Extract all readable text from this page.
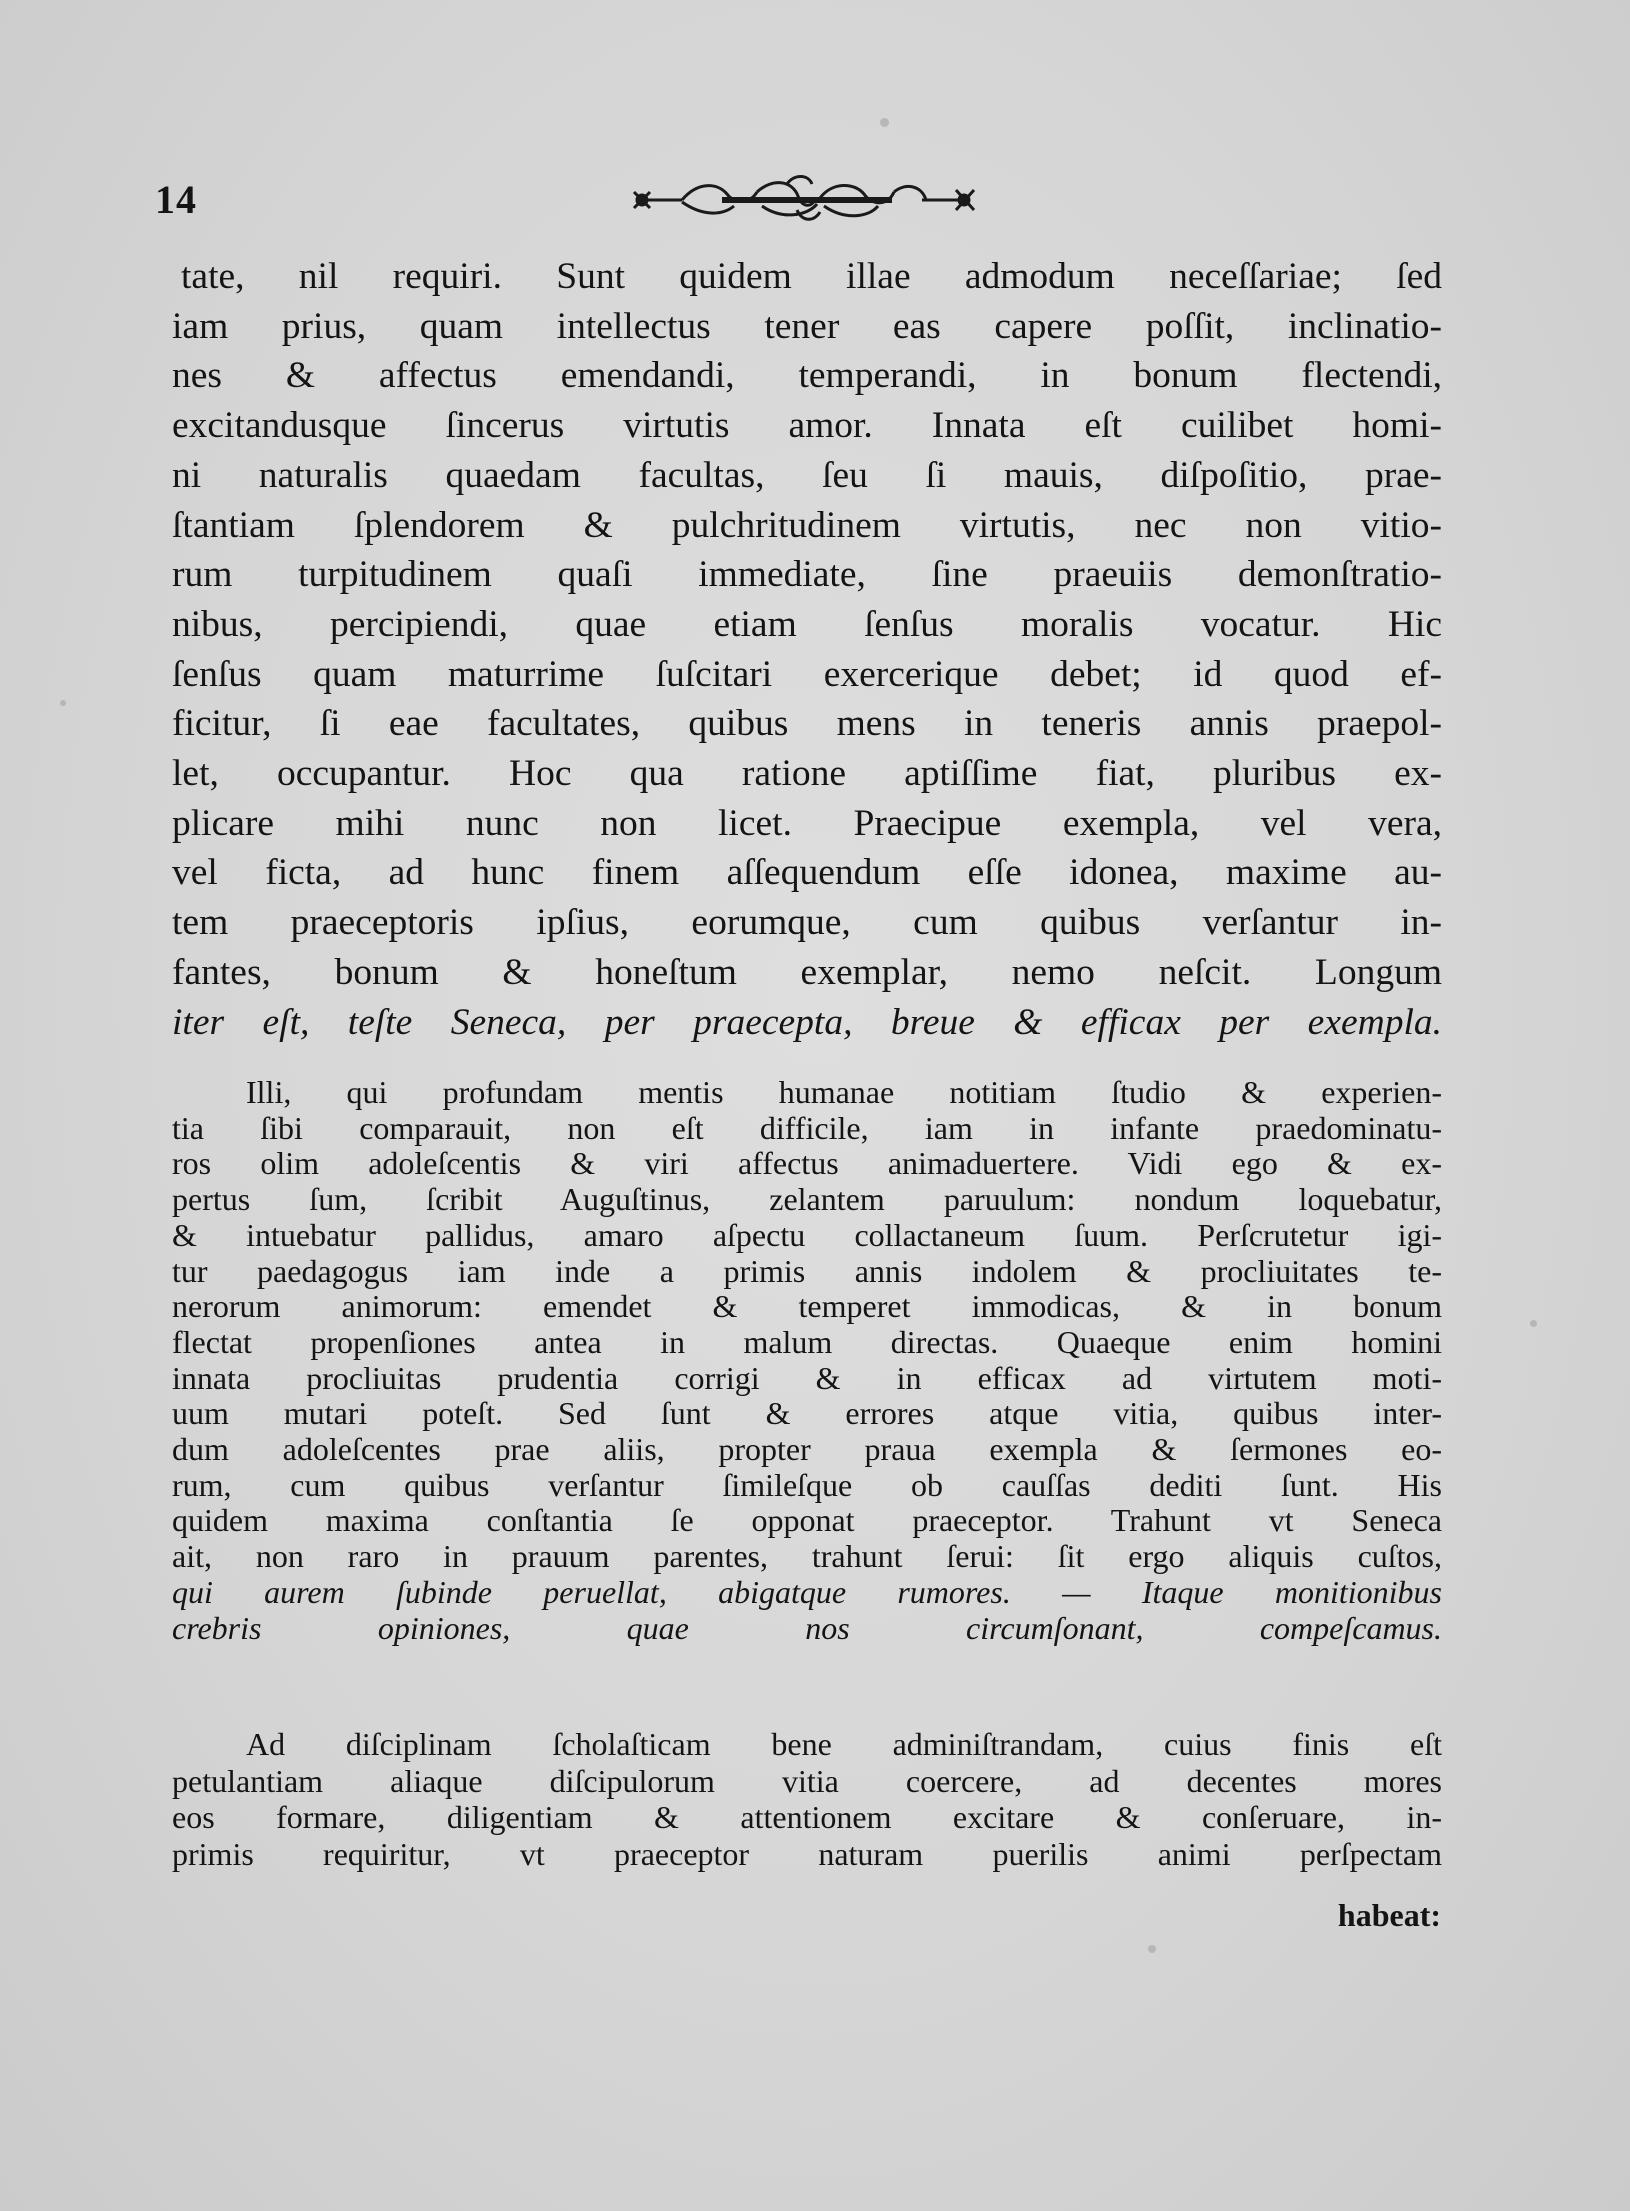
14
tate, nil requiri. Sunt quidem illae admodum neceſſariae; ſed
iam prius, quam intellectus tener eas capere poſſit, inclinatio-
nes & affectus emendandi, temperandi, in bonum flectendi,
excitandusque ſincerus virtutis amor. Innata eſt cuilibet homi-
ni naturalis quaedam facultas, ſeu ſi mauis, diſpoſitio, prae-
ſtantiam ſplendorem & pulchritudinem virtutis, nec non vitio-
rum turpitudinem quaſi immediate, ſine praeuiis demonſtratio-
nibus, percipiendi, quae etiam ſenſus moralis vocatur. Hic
ſenſus quam maturrime ſuſcitari exercerique debet; id quod ef-
ficitur, ſi eae facultates, quibus mens in teneris annis praepol-
let, occupantur. Hoc qua ratione aptiſſime fiat, pluribus ex-
plicare mihi nunc non licet. Praecipue exempla, vel vera,
vel ficta, ad hunc finem aſſequendum eſſe idonea, maxime au-
tem praeceptoris ipſius, eorumque, cum quibus verſantur in-
fantes, bonum & honeſtum exemplar, nemo neſcit. Longum
iter eſt, teſte Seneca, per praecepta, breue & efficax per exempla.
Illi, qui profundam mentis humanae notitiam ſtudio & experien-
tia ſibi comparauit, non eſt difficile, iam in infante praedominatu-
ros olim adoleſcentis & viri affectus animaduertere. Vidi ego & ex-
pertus ſum, ſcribit Auguſtinus, zelantem paruulum: nondum loquebatur,
& intuebatur pallidus, amaro aſpectu collactaneum ſuum. Perſcrutetur igi-
tur paedagogus iam inde a primis annis indolem & procliuitates te-
nerorum animorum: emendet & temperet immodicas, & in bonum
flectat propenſiones antea in malum directas. Quaeque enim homini
innata procliuitas prudentia corrigi & in efficax ad virtutem moti-
uum mutari poteſt. Sed ſunt & errores atque vitia, quibus inter-
dum adoleſcentes prae aliis, propter praua exempla & ſermones eo-
rum, cum quibus verſantur ſimileſque ob cauſſas dediti ſunt. His
quidem maxima conſtantia ſe opponat praeceptor. Trahunt vt Seneca
ait, non raro in prauum parentes, trahunt ſerui: ſit ergo aliquis cuſtos,
qui aurem ſubinde peruellat, abigatque rumores. — Itaque monitionibus
crebris opiniones, quae nos circumſonant, compeſcamus.
Ad diſciplinam ſcholaſticam bene adminiſtrandam, cuius finis eſt
petulantiam aliaque diſcipulorum vitia coercere, ad decentes mores
eos formare, diligentiam & attentionem excitare & conſeruare, in-
primis requiritur, vt praeceptor naturam puerilis animi perſpectam
habeat:
